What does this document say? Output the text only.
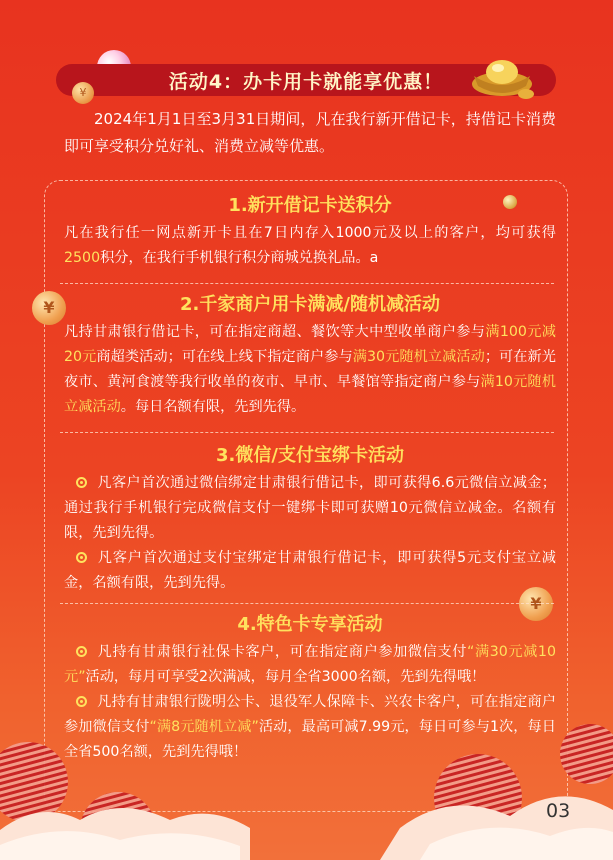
活动4：办卡用卡就能享优惠！
¥

2024年1月1日至3月31日期间，凡在我行新开借记卡，持借记卡消费即可享受积分兑好礼、消费立减等优惠。

1.新开借记卡送积分

凡在我行任一网点新开卡且在7日内存入1000元及以上的客户，均可获得2500积分，在我行手机银行积分商城兑换礼品。a

¥	2.千家商户用卡满减/随机减活动

凡持甘肃银行借记卡，可在指定商超、餐饮等大中型收单商户参与满100元减20元商超类活动；可在线上线下指定商户参与满30元随机立减活动；可在新光夜市、黄河食渡等我行收单的夜市、早市、早餐馆等指定商户参与满10元随机立减活动。每日名额有限，先到先得。

3.微信/支付宝绑卡活动

凡客户首次通过微信绑定甘肃银行借记卡，即可获得6.6元微信立减金；通过我行手机银行完成微信支付一键绑卡即可获赠10元微信立减金。名额有限，先到先得。

凡客户首次通过支付宝绑定甘肃银行借记卡，即可获得5元支付宝立减金，名额有限，先到先得。

¥
4.特色卡专享活动

凡持有甘肃银行社保卡客户，可在指定商户参加微信支付“满30元减10元”活动，每月可享受2次满减，每月全省3000名额，先到先得哦！

凡持有甘肃银行陇明公卡、退役军人保障卡、兴农卡客户，可在指定商户参加微信支付“满8元随机立减”活动，最高可减7.99元，每日可参与1次，每日全省500名额，先到先得哦！

03
